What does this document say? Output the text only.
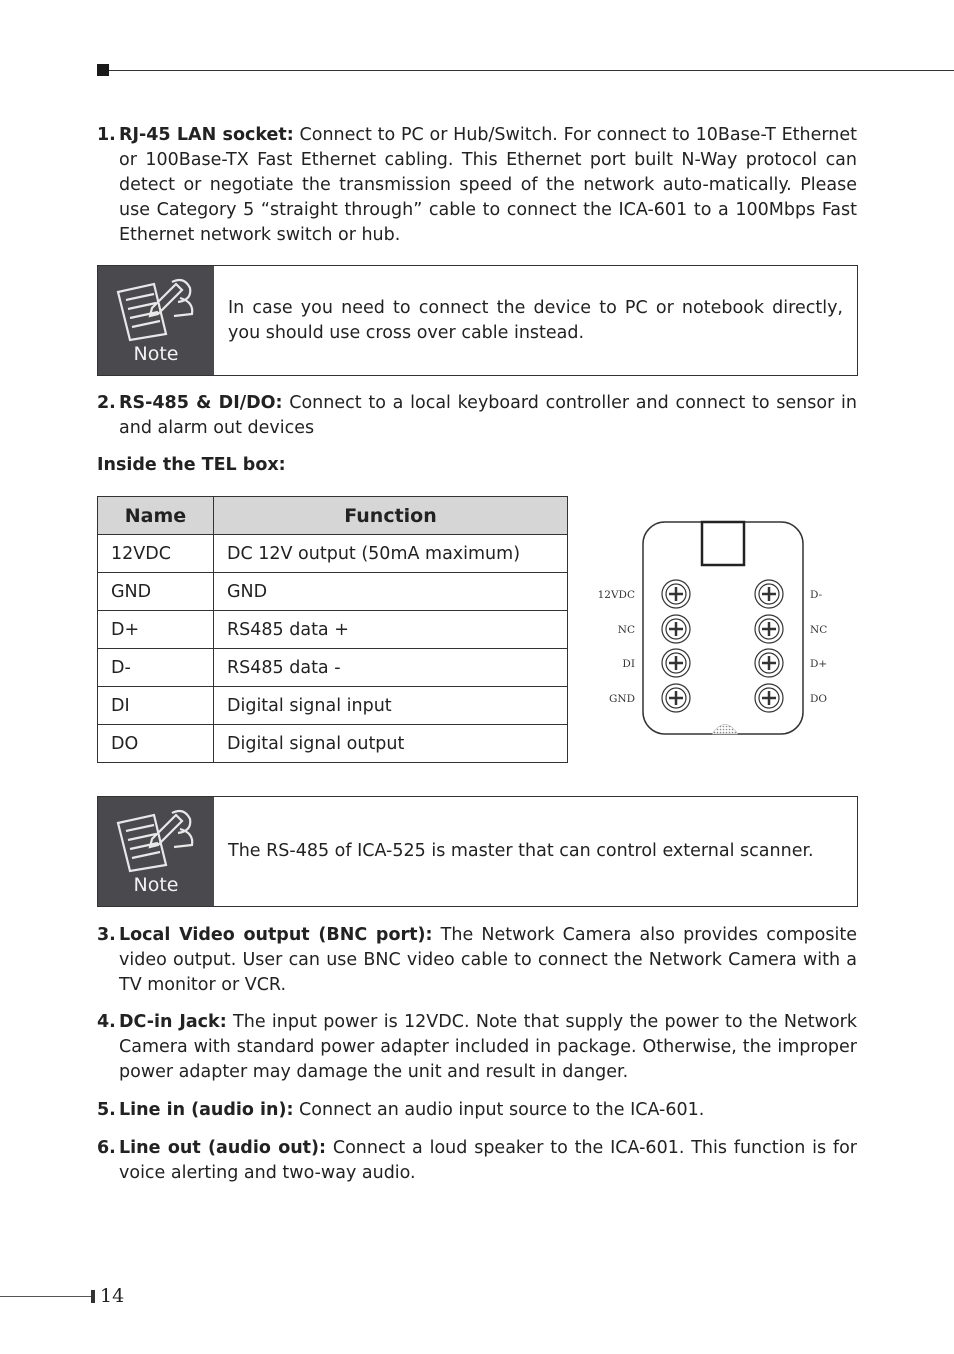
1. RJ-45 LAN socket: Connect to PC or Hub/Switch. For connect to 10Base-T Ethernet or 100Base-TX Fast Ethernet cabling. This Ethernet port built N-Way protocol can detect or negotiate the transmission speed of the network auto-matically. Please use Category 5 “straight through” cable to connect the ICA-601 to a 100Mbps Fast Ethernet network switch or hub.
Note
In case you need to connect the device to PC or notebook directly, you should use cross over cable instead.
2. RS-485 & DI/DO: Connect to a local keyboard controller and connect to sensor in and alarm out devices
Inside the TEL box:
Name	Function
12VDC	DC 12V output (50mA maximum)
GND	GND
D+	RS485 data +
D-	RS485 data -
DI	Digital signal input
DO	Digital signal output
12VDC
NC
DI
GND
D-
NC
D+
DO
Note
The RS-485 of ICA-525 is master that can control external scanner.
3. Local Video output (BNC port): The Network Camera also provides composite video output. User can use BNC video cable to connect the Network Camera with a TV monitor or VCR.
4. DC-in Jack: The input power is 12VDC. Note that supply the power to the Network Camera with standard power adapter included in package. Otherwise, the improper power adapter may damage the unit and result in danger.
5. Line in (audio in): Connect an audio input source to the ICA-601.
6. Line out (audio out): Connect a loud speaker to the ICA-601. This function is for voice alerting and two-way audio.
14
